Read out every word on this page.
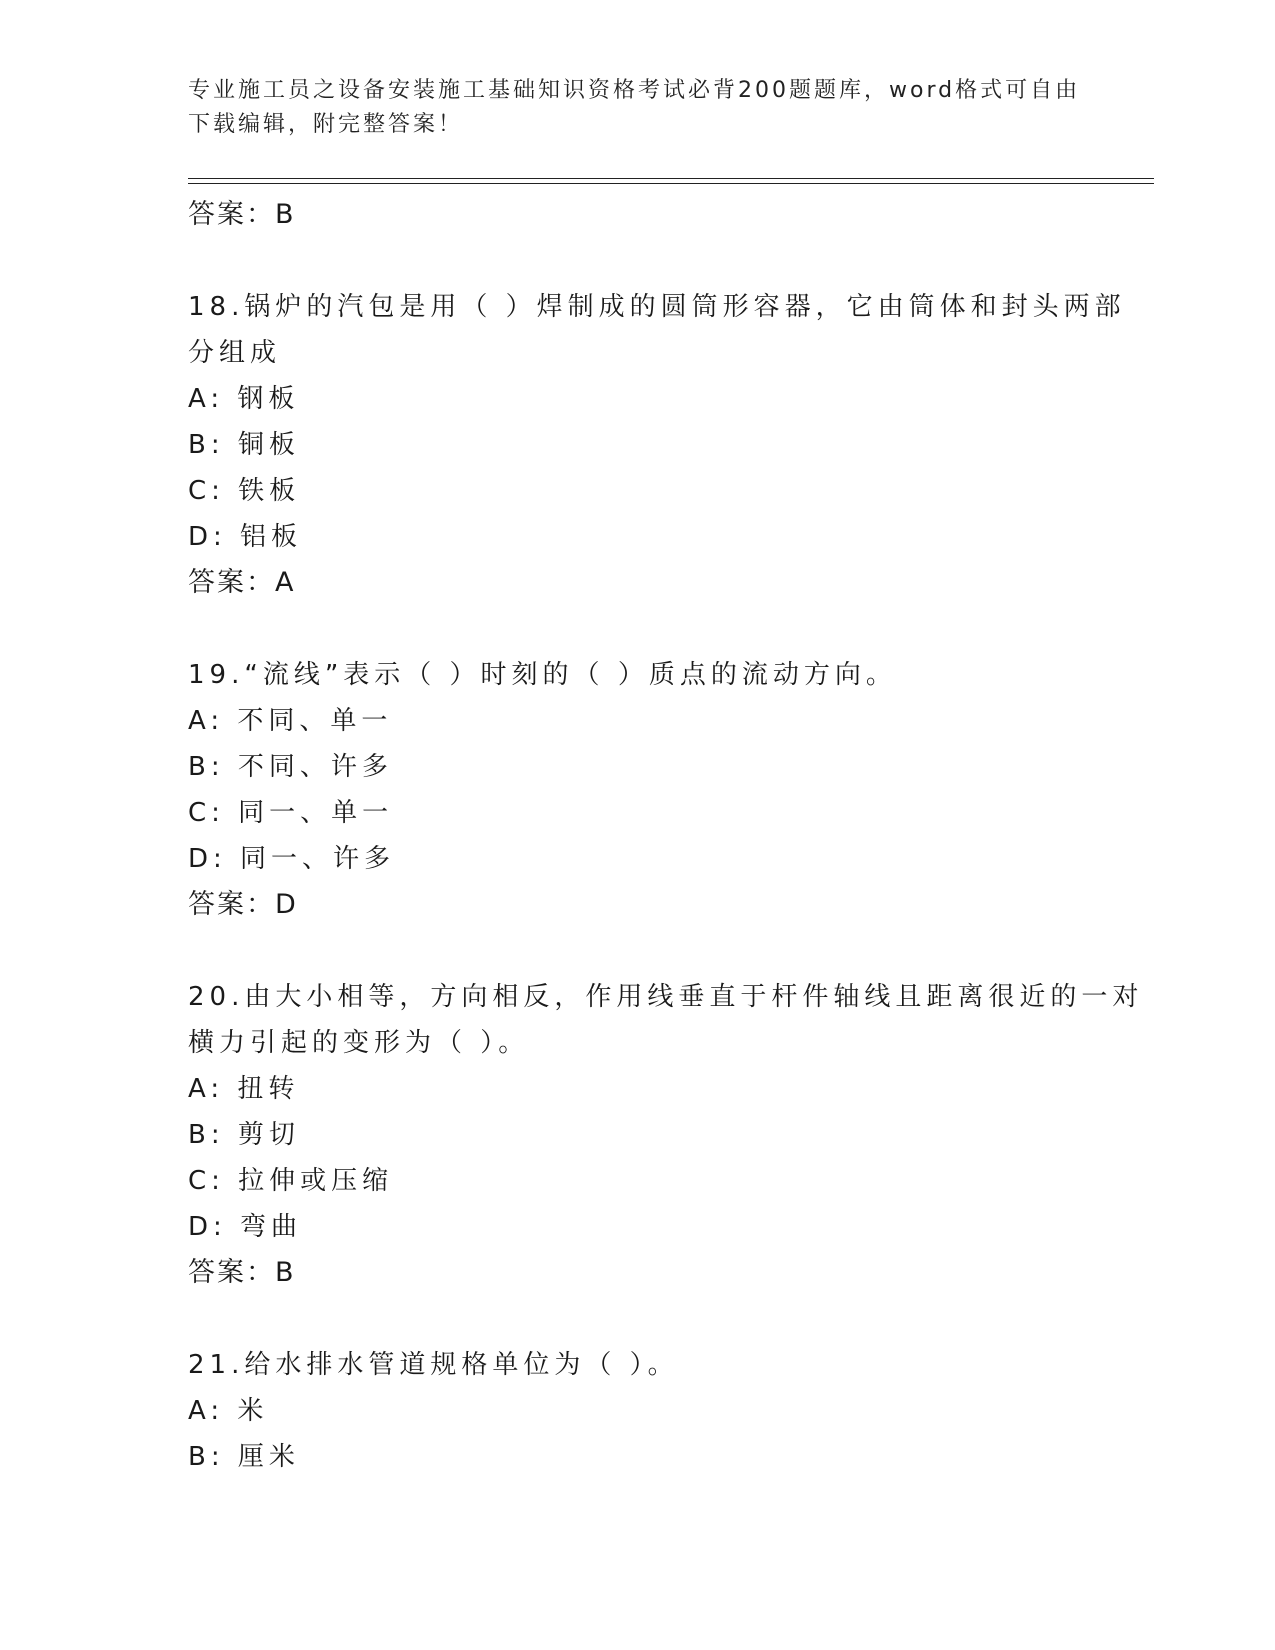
专业施工员之设备安装施工基础知识资格考试必背200题题库，word格式可自由
下载编辑，附完整答案！
答案：B
18.锅炉的汽包是用（ ）焊制成的圆筒形容器，它由筒体和封头两部
分组成
A: 钢板
B: 铜板
C: 铁板
D: 铝板
答案：A
19.“流线”表示（ ）时刻的（ ）质点的流动方向。
A: 不同、单一
B: 不同、许多
C: 同一、单一
D: 同一、许多
答案：D
20.由大小相等，方向相反，作用线垂直于杆件轴线且距离很近的一对
横力引起的变形为（ ）。
A: 扭转
B: 剪切
C: 拉伸或压缩
D: 弯曲
答案：B
21.给水排水管道规格单位为（ ）。
A: 米
B: 厘米
